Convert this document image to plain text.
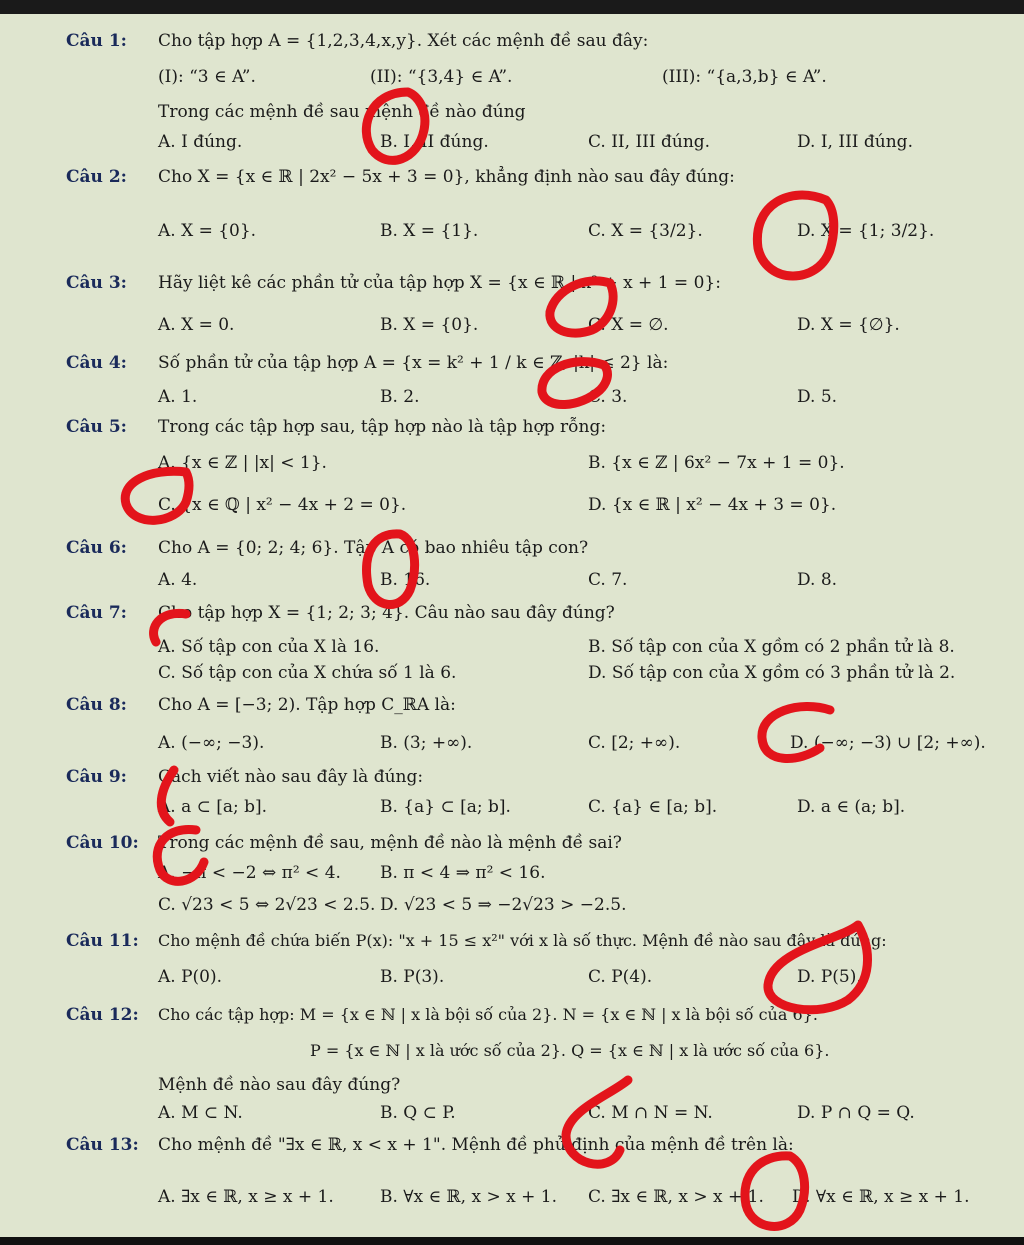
Câu 1: Cho tập hợp A = {1,2,3,4,x,y}. Xét các mệnh đề sau đây:
(I): “3 ∈ A”.	(II): “{3,4} ∈ A”.	(III): “{a,3,b} ∈ A”.
Trong các mệnh đề sau mệnh đề nào đúng
A. I đúng.	B. I, II đúng.	C. II, III đúng.	D. I, III đúng.
Câu 2: Cho X = {x ∈ ℝ | 2x² − 5x + 3 = 0}, khẳng định nào sau đây đúng:
A. X = {0}.	B. X = {1}.	C. X = {3/2}.	D. X = {1; 3/2}.
Câu 3: Hãy liệt kê các phần tử của tập hợp X = {x ∈ ℝ | x² + x + 1 = 0}:
A. X = 0.	B. X = {0}.	C. X = ∅.	D. X = {∅}.
Câu 4: Số phần tử của tập hợp A = {x = k² + 1 / k ∈ ℤ, |k| ≤ 2} là:
A. 1.	B. 2.	C. 3.	D. 5.
Câu 5: Trong các tập hợp sau, tập hợp nào là tập hợp rỗng:
A. {x ∈ ℤ | |x| < 1}.	B. {x ∈ ℤ | 6x² − 7x + 1 = 0}.
C. {x ∈ ℚ | x² − 4x + 2 = 0}.	D. {x ∈ ℝ | x² − 4x + 3 = 0}.
Câu 6: Cho A = {0; 2; 4; 6}. Tập A có bao nhiêu tập con?
A. 4.	B. 16.	C. 7.	D. 8.
Câu 7: Cho tập hợp X = {1; 2; 3; 4}. Câu nào sau đây đúng?
A. Số tập con của X là 16.	B. Số tập con của X gồm có 2 phần tử là 8.
C. Số tập con của X chứa số 1 là 6.	D. Số tập con của X gồm có 3 phần tử là 2.
Câu 8: Cho A = [−3; 2). Tập hợp C_ℝA là:
A. (−∞; −3).	B. (3; +∞).	C. [2; +∞).	D. (−∞; −3) ∪ [2; +∞).
Câu 9: Cách viết nào sau đây là đúng:
A. a ⊂ [a; b].	B. {a} ⊂ [a; b].	C. {a} ∈ [a; b].	D. a ∈ (a; b].
Câu 10: Trong các mệnh đề sau, mệnh đề nào là mệnh đề sai?
A. −π < −2 ⇔ π² < 4. B. π < 4 ⇒ π² < 16.
C. √23 < 5 ⇔ 2√23 < 2.5. D. √23 < 5 ⇒ −2√23 > −2.5.
Câu 11: Cho mệnh đề chứa biến P(x): "x + 15 ≤ x²" với x là số thực. Mệnh đề nào sau đây là đúng:
A. P(0).	B. P(3).	C. P(4).	D. P(5).
Câu 12: Cho các tập hợp: M = {x ∈ ℕ | x là bội số của 2}. N = {x ∈ ℕ | x là bội số của 6}.
P = {x ∈ ℕ | x là ước số của 2}. Q = {x ∈ ℕ | x là ước số của 6}.
Mệnh đề nào sau đây đúng?
A. M ⊂ N.	B. Q ⊂ P.	C. M ∩ N = N.	D. P ∩ Q = Q.
Câu 13: Cho mệnh đề "∃x ∈ ℝ, x < x + 1". Mệnh đề phủ định của mệnh đề trên là:
A. ∃x ∈ ℝ, x ≥ x + 1.	B. ∀x ∈ ℝ, x > x + 1. C. ∃x ∈ ℝ, x > x + 1. D. ∀x ∈ ℝ, x ≥ x + 1.
